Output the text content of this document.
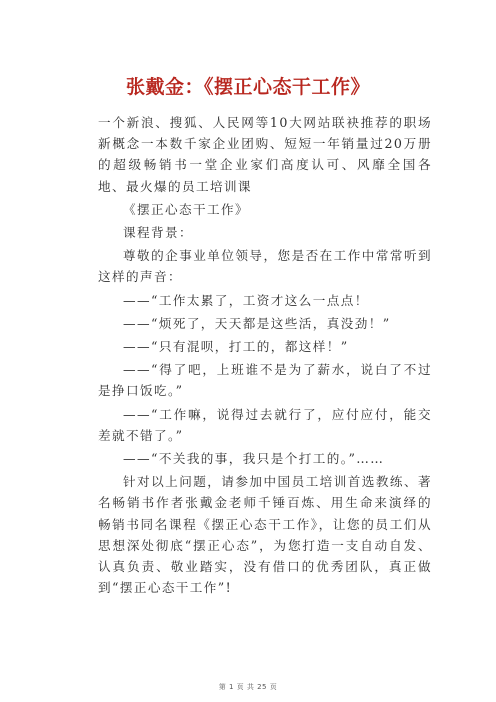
张戴金：《摆正心态干工作》

一个新浪、搜狐、人民网等10大网站联袂推荐的职场新概念一本数千家企业团购、短短一年销量过20万册的超级畅销书一堂企业家们高度认可、风靡全国各地、最火爆的员工培训课

《摆正心态干工作》

课程背景：

尊敬的企事业单位领导，您是否在工作中常常听到这样的声音：

——“工作太累了，工资才这么一点点！

——“烦死了，天天都是这些活，真没劲！”

——“只有混呗，打工的，都这样！”

——“得了吧，上班谁不是为了薪水，说白了不过是挣口饭吃。”

——“工作嘛，说得过去就行了，应付应付，能交差就不错了。”

——“不关我的事，我只是个打工的。”……

针对以上问题，请参加中国员工培训首选教练、著名畅销书作者张戴金老师千锤百炼、用生命来演绎的畅销书同名课程《摆正心态干工作》，让您的员工们从思想深处彻底“摆正心态”，为您打造一支自动自发、认真负责、敬业踏实，没有借口的优秀团队，真正做到“摆正心态干工作”!

第 1 页 共 25 页
